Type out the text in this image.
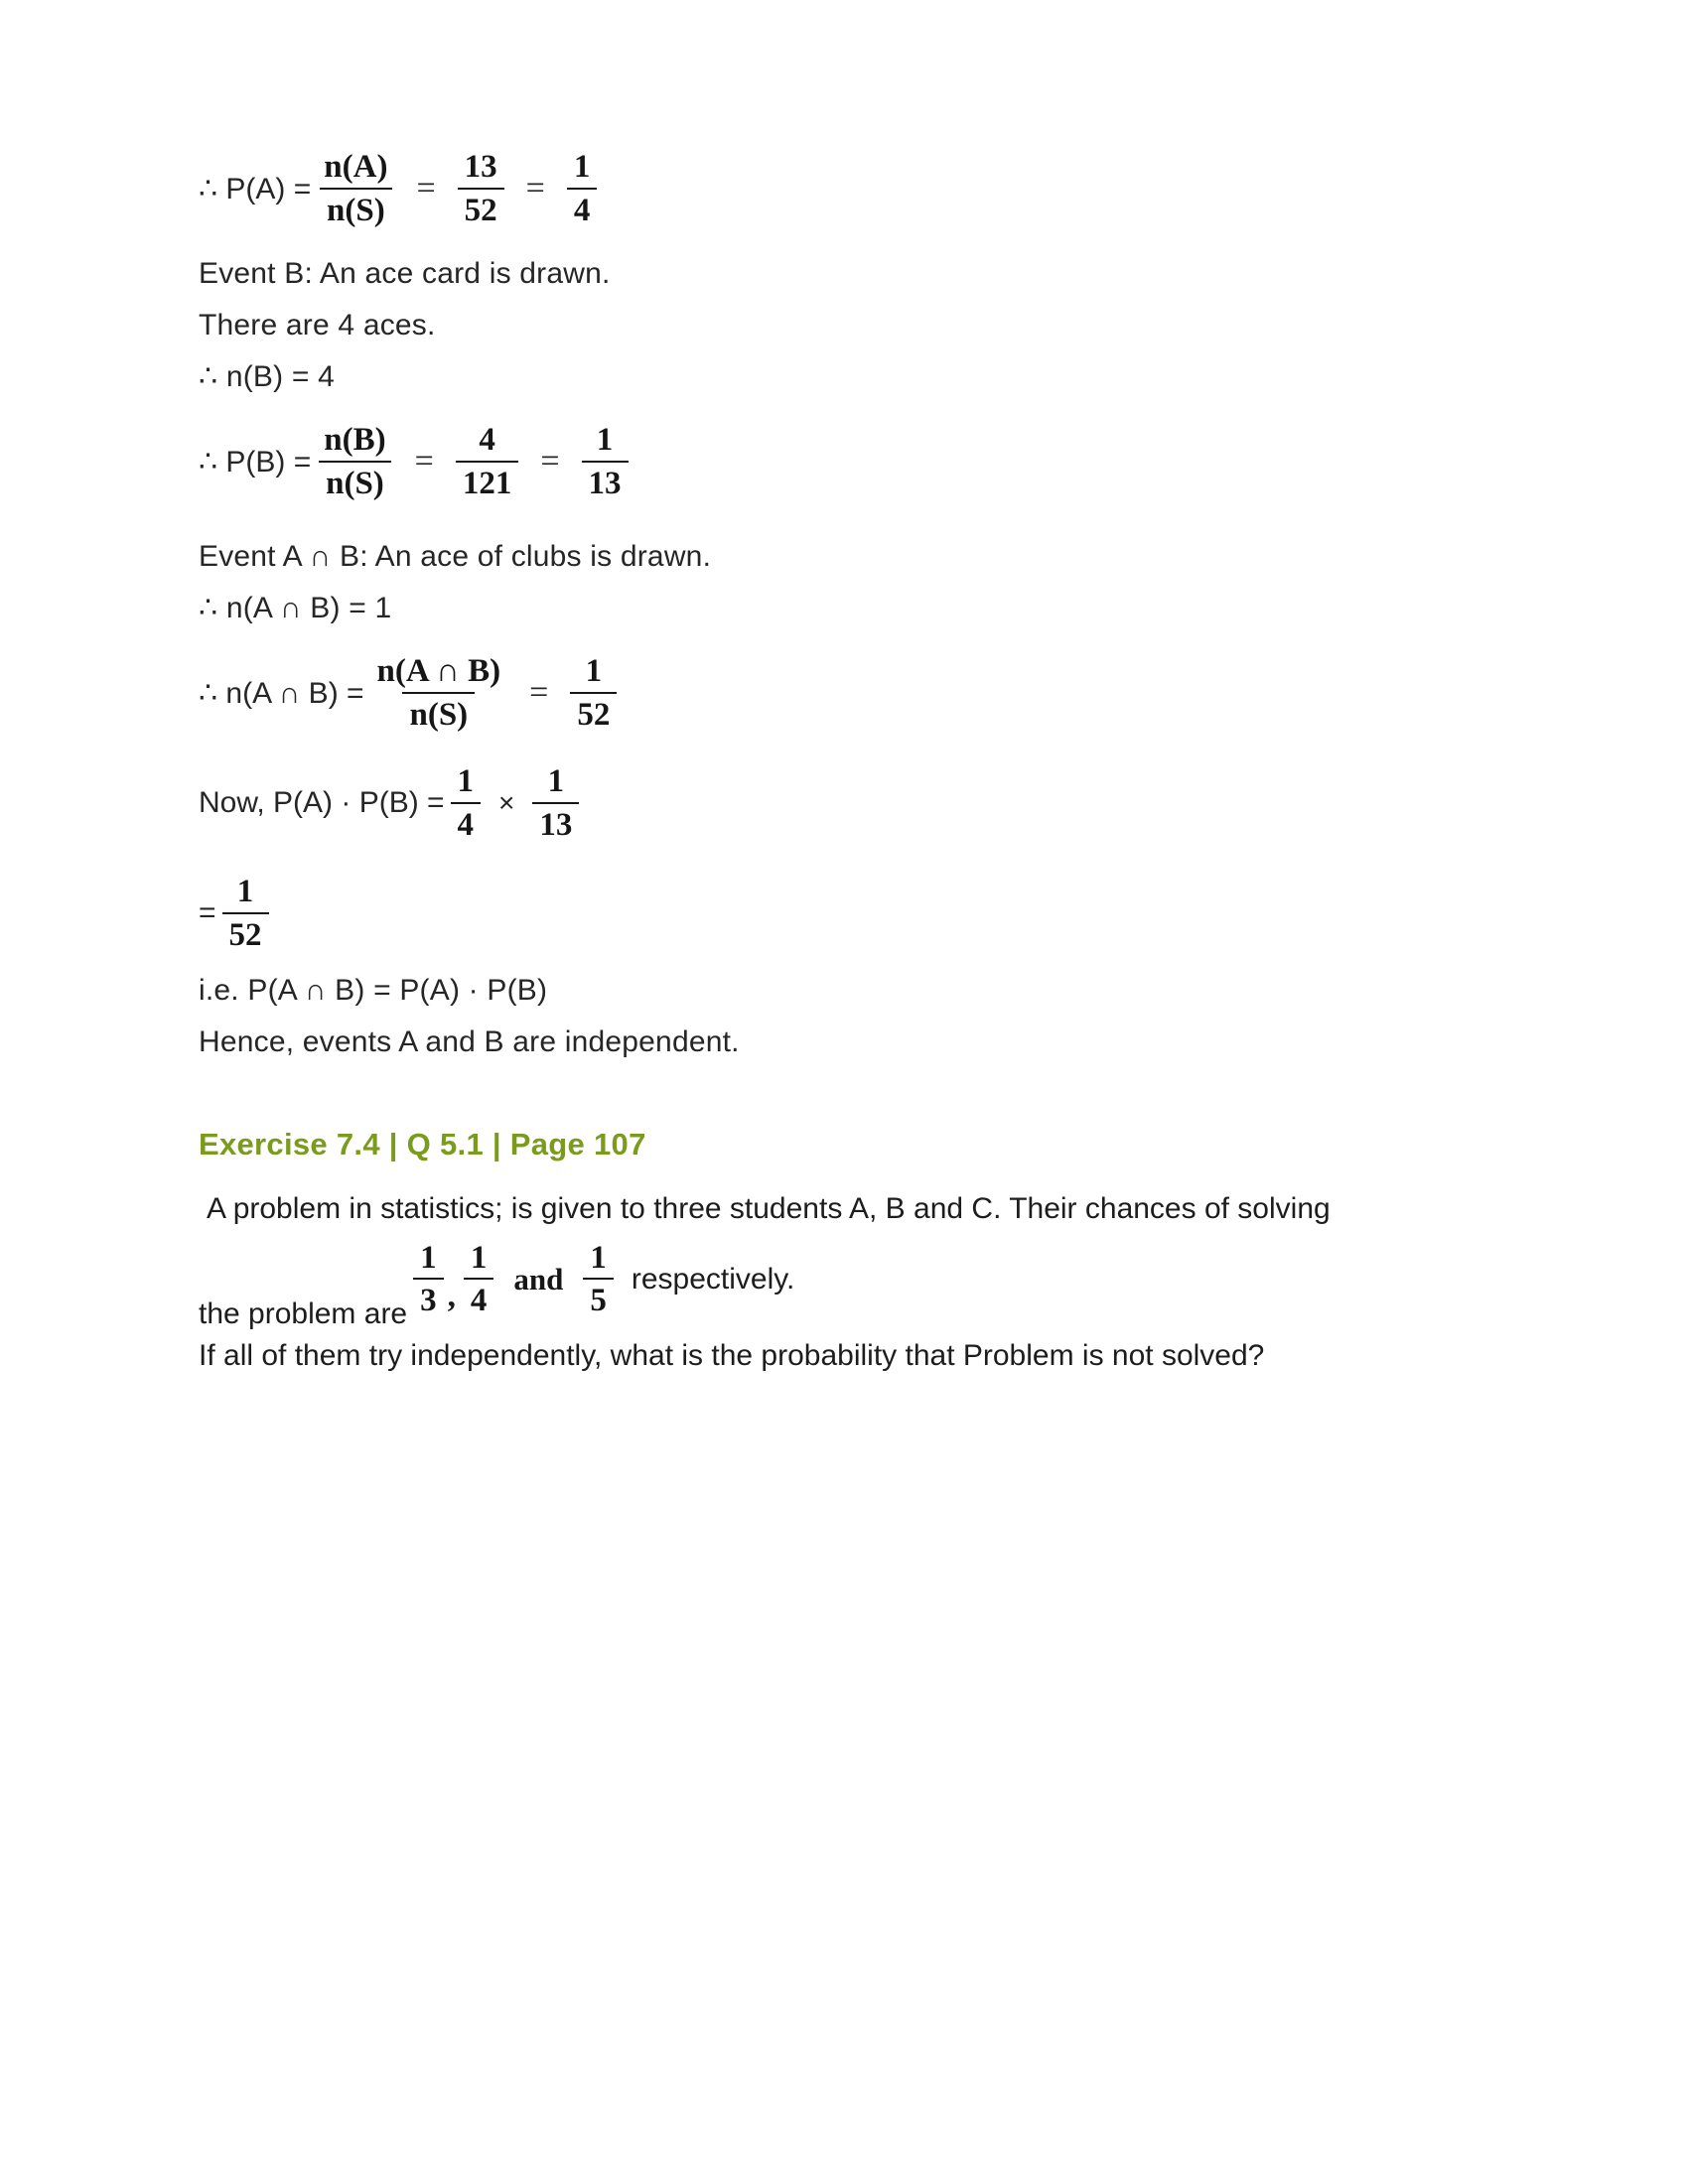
∴ $P(A) = \frac{n(A)}{n(S)} = \frac{13}{52} = \frac{1}{4}$
Event B: An ace card is drawn.
There are 4 aces.
∴ n(B) = 4
∴ $P(B) = \frac{n(B)}{n(S)} = \frac{4}{121} = \frac{1}{13}$
Event A ∩ B: An ace of clubs is drawn.
∴ n(A ∩ B) = 1
∴ n(A ∩ $B) = \frac{n(A \cap B)}{n(S)} = \frac{1}{52}$
Now, $P(A) \cdot P(B) = \frac{1}{4} \times \frac{1}{13}$
= $\frac{1}{52}$
i.e. P(A ∩ B) = P(A) · P(B)
Hence, events A and B are independent.
Exercise 7.4 | Q 5.1 | Page 107
A problem in statistics; is given to three students A, B and C. Their chances of solving
the problem are $\frac{1}{3}$ , $\frac{1}{4}$ and $\frac{1}{5}$ respectively.
If all of them try independently, what is the probability that Problem is not solved?
